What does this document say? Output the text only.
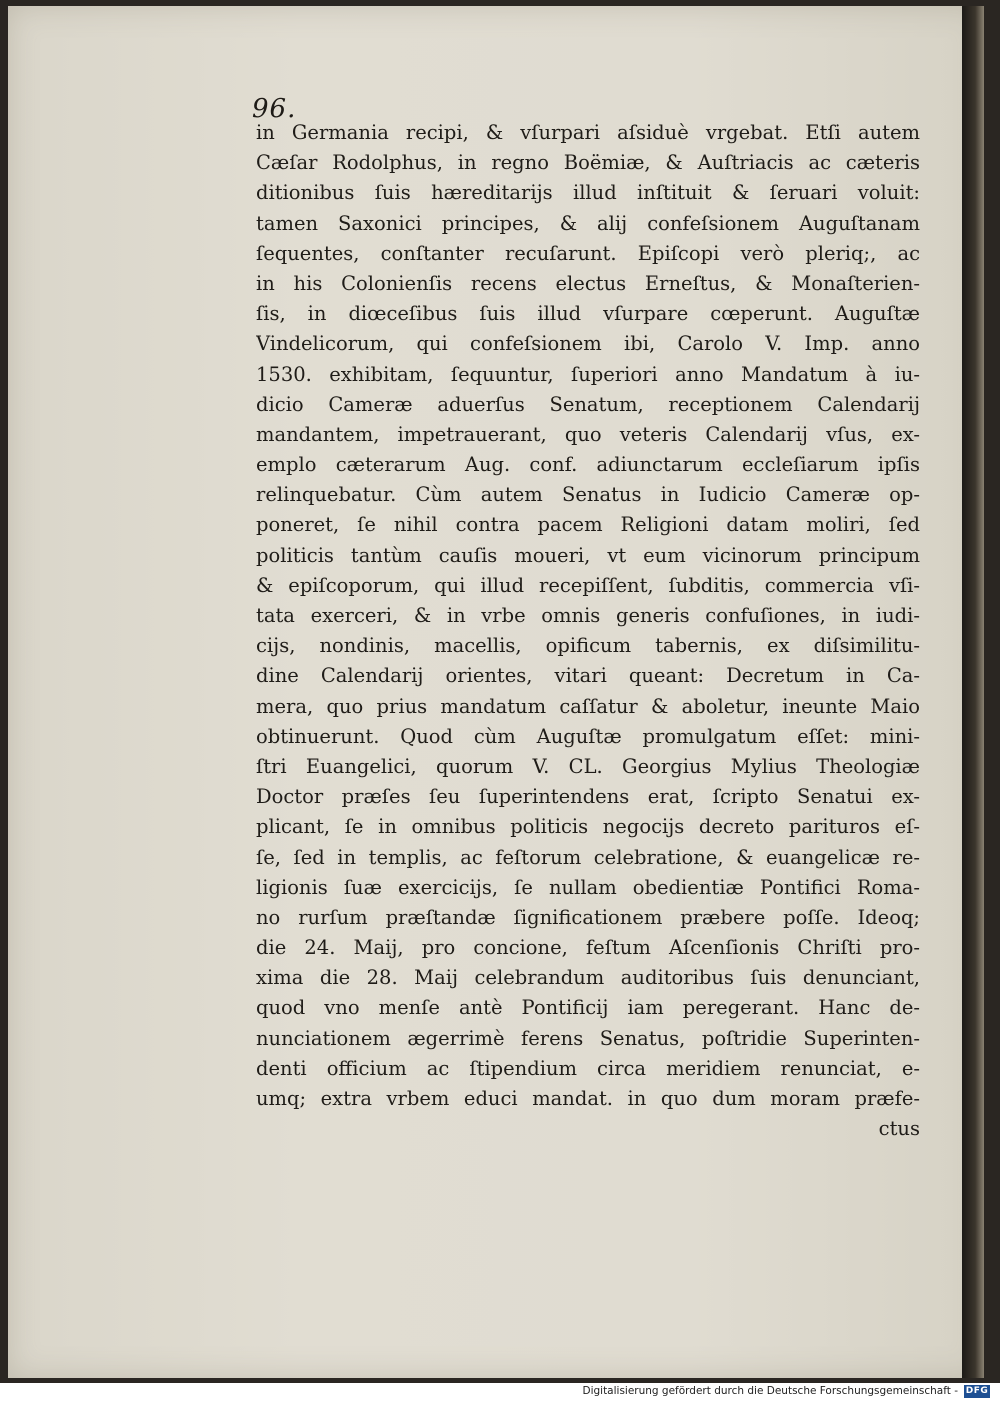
96.
in Germania recipi, & vſurpari aſsiduè vrgebat. Etſi autem
Cæſar Rodolphus, in regno Boëmiæ, & Auſtriacis ac cæteris
ditionibus ſuis hæreditarijs illud inſtituit & ſeruari voluit:
tamen Saxonici principes, & alij confeſsionem Auguſtanam
ſequentes, conſtanter recuſarunt. Epiſcopi verò pleriq;, ac
in his Colonienſis recens electus Erneſtus, & Monaſterien-
ſis, in diœceſibus ſuis illud vſurpare cœperunt. Auguſtæ
Vindelicorum, qui confeſsionem ibi, Carolo V. Imp. anno
1530. exhibitam, ſequuntur, ſuperiori anno Mandatum à iu-
dicio Cameræ aduerſus Senatum, receptionem Calendarij
mandantem, impetrauerant, quo veteris Calendarij vſus, ex-
emplo cæterarum Aug. conf. adiunctarum eccleſiarum ipſis
relinquebatur. Cùm autem Senatus in Iudicio Cameræ op-
poneret, ſe nihil contra pacem Religioni datam moliri, ſed
politicis tantùm cauſis moueri, vt eum vicinorum principum
& epiſcoporum, qui illud recepiſſent, ſubditis, commercia vſi-
tata exerceri, & in vrbe omnis generis confuſiones, in iudi-
cijs, nondinis, macellis, opificum tabernis, ex diſsimilitu-
dine Calendarij orientes, vitari queant: Decretum in Ca-
mera, quo prius mandatum caſſatur & aboletur, ineunte Maio
obtinuerunt. Quod cùm Auguſtæ promulgatum eſſet: mini-
ſtri Euangelici, quorum V. CL. Georgius Mylius Theologiæ
Doctor præſes ſeu ſuperintendens erat, ſcripto Senatui ex-
plicant, ſe in omnibus politicis negocijs decreto parituros eſ-
ſe, ſed in templis, ac feſtorum celebratione, & euangelicæ re-
ligionis ſuæ exercicijs, ſe nullam obedientiæ Pontifici Roma-
no rurſum præſtandæ ſignificationem præbere poſſe. Ideoq;
die 24. Maij, pro concione, feſtum Aſcenſionis Chriſti pro-
xima die 28. Maij celebrandum auditoribus ſuis denunciant,
quod vno menſe antè Pontificij iam peregerant. Hanc de-
nunciationem ægerrimè ferens Senatus, poſtridie Superinten-
denti officium ac ſtipendium circa meridiem renunciat, e-
umq; extra vrbem educi mandat. in quo dum moram præfe-
ctus
Digitalisierung gefördert durch die Deutsche Forschungsgemeinschaft - DFG
